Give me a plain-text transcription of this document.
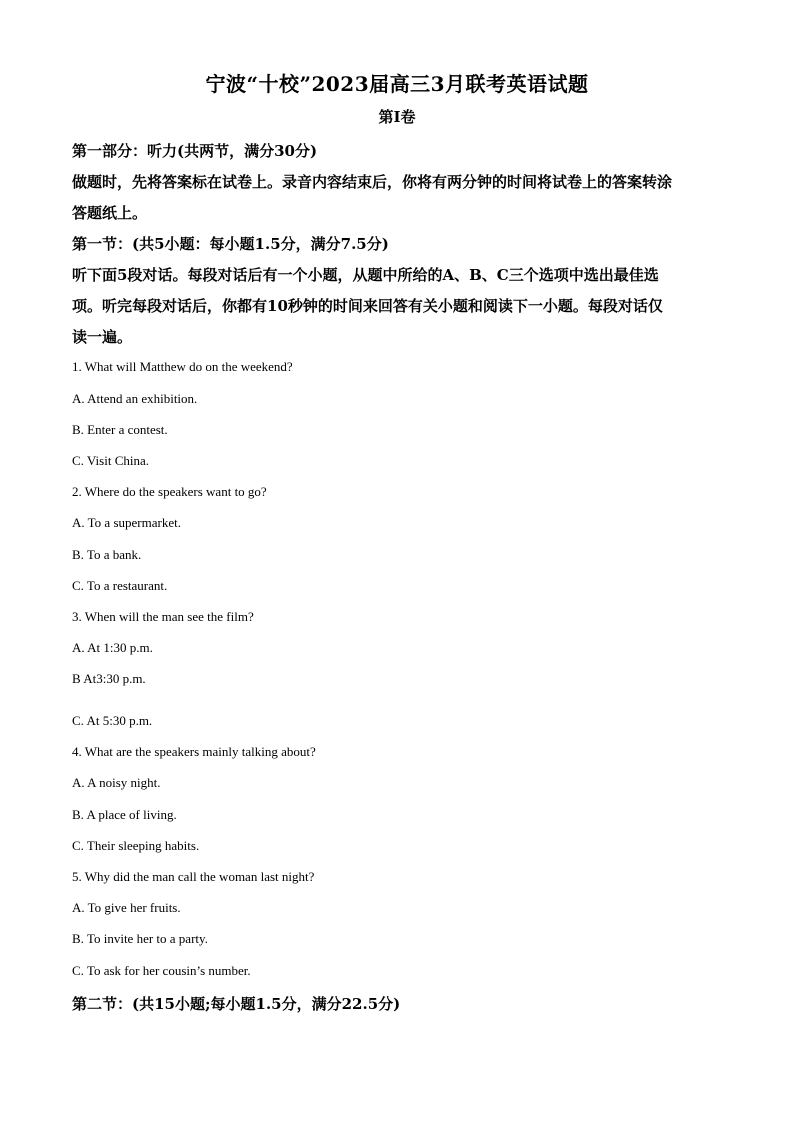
宁波“十校”2023届高三3月联考英语试题
第Ⅰ卷
第一部分：听力(共两节，满分30分)
做题时，先将答案标在试卷上。录音内容结束后，你将有两分钟的时间将试卷上的答案转涂
答题纸上。
第一节：(共5小题：每小题1.5分，满分7.5分)
听下面5段对话。每段对话后有一个小题，从题中所给的A、B、C三个选项中选出最佳选
项。听完每段对话后，你都有10秒钟的时间来回答有关小题和阅读下一小题。每段对话仅
读一遍。
1. What will Matthew do on the weekend?
A. Attend an exhibition.
B. Enter a contest.
C. Visit China.
2. Where do the speakers want to go?
A. To a supermarket.
B. To a bank.
C. To a restaurant.
3. When will the man see the film?
A. At 1:30 p.m.
B At3:30 p.m.
C. At 5:30 p.m.
4. What are the speakers mainly talking about?
A. A noisy night.
B. A place of living.
C. Their sleeping habits.
5. Why did the man call the woman last night?
A. To give her fruits.
B. To invite her to a party.
C. To ask for her cousin’s number.
第二节：(共15小题;每小题1.5分，满分22.5分)
